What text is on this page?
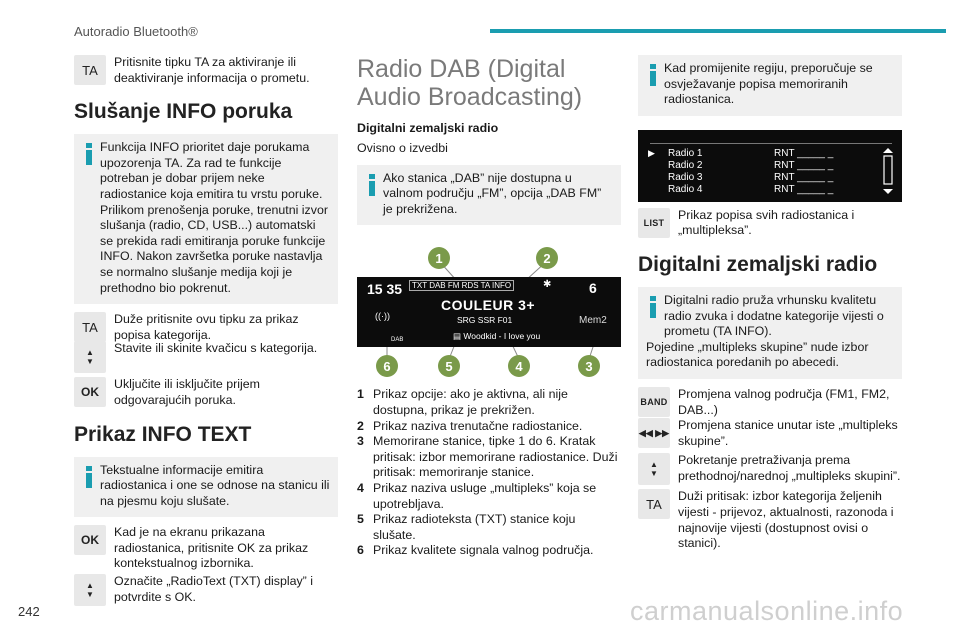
Autoradio Bluetooth®
TA
Pritisnite tipku TA za aktiviranje ili deaktiviranje informacija o prometu.
Slušanje INFO poruka
Funkcija INFO prioritet daje porukama
upozorenja TA. Za rad te funkcije potreban je dobar prijem neke radiostanice koja emitira tu vrstu poruke. Prilikom prenošenja poruke, trenutni izvor slušanja (radio, CD, USB...) automatski se prekida radi emitiranja poruke funkcije INFO. Nakon završetka poruke nastavlja se normalno slušanje medija koji je prethodno bio pokrenut.
TA
Duže pritisnite ovu tipku za prikaz popisa kategorija.
▲
▼
Stavite ili skinite kvačicu s kategorija.
OK
Uključite ili isključite prijem odgovarajućih poruka.
Prikaz INFO TEXT
Tekstualne informacije emitira
radiostanica i one se odnose na stanicu ili na pjesmu koju slušate.
OK
Kad je na ekranu prikazana radiostanica, pritisnite OK za prikaz kontekstualnog izbornika.
▲
▼
Označite „RadioText (TXT) display” i potvrdite s OK.
Radio DAB (Digital Audio Broadcasting)
Digitalni zemaljski radio
Ovisno o izvedbi
Ako stanica „DAB” nije dostupna u
valnom području „FM”, opcija „DAB FM” je prekrižena.
15 35	TXT DAB FM RDS TA INFO	✱	6
COULEUR 3+
((·))	SRG SSR F01	Mem2
▤ Woodkid - I love you
DAB
1	2
6	5	4	3
1 Prikaz opcije: ako je aktivna, ali nije dostupna, prikaz je prekrižen.
2 Prikaz naziva trenutačne radiostanice.
3 Memorirane stanice, tipke 1 do 6. Kratak pritisak: izbor memorirane radiostanice. Duži pritisak: memoriranje stanice.
4 Prikaz naziva usluge „multipleks” koja se upotrebljava.
5 Prikaz radioteksta (TXT) stanice koju slušate.
6 Prikaz kvalitete signala valnog područja.
Kad promijenite regiju, preporučuje se
osvježavanje popisa memoriranih radiostanica.
▶ Radio 1	RNT _____ _
Radio 2	RNT _____ _
Radio 3	RNT _____ _
Radio 4	RNT _____ _
LIST
Prikaz popisa svih radiostanica i „multipleksa”.
Digitalni zemaljski radio
Digitalni radio pruža vrhunsku kvalitetu
radio zvuka i dodatne kategorije vijesti o prometu (TA INFO).
Pojedine „multipleks skupine” nude izbor radiostanica poredanih po abecedi.
BAND
Promjena valnog područja (FM1, FM2, DAB...)
◀◀ ▶▶
Promjena stanice unutar iste „multipleks skupine”.
▲
▼
Pokretanje pretraživanja prema prethodnoj/narednoj „multipleks skupini”.
TA
Duži pritisak: izbor kategorija željenih vijesti - prijevoz, aktualnosti, razonoda i najnovije vijesti (dostupnost ovisi o stanici).
242	carmanualsonline.info
